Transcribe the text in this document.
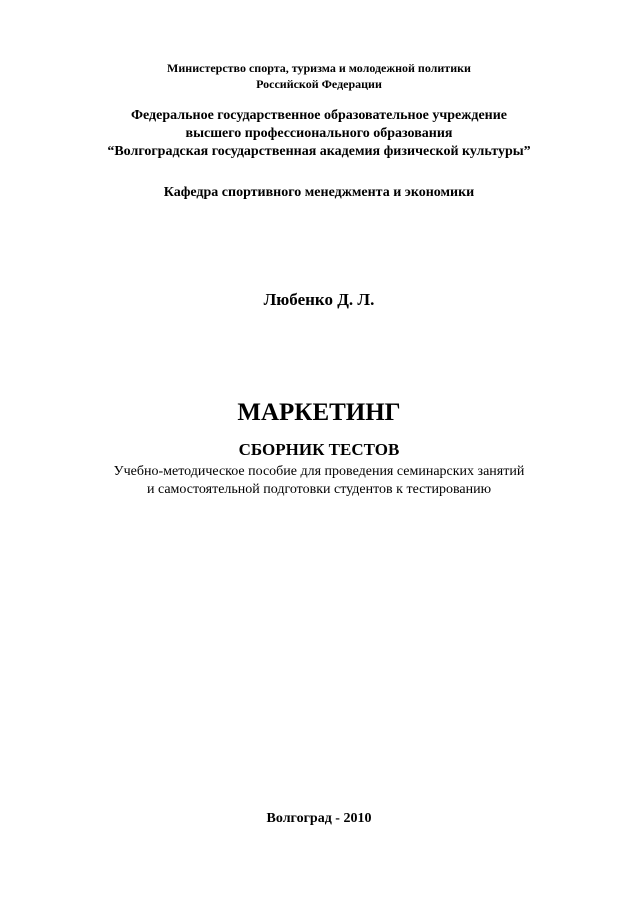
Министерство спорта, туризма и молодежной политики
Российской Федерации
Федеральное государственное образовательное учреждение
высшего профессионального образования
“Волгоградская государственная академия физической культуры”
Кафедра спортивного менеджмента и экономики
Любенко Д. Л.
МАРКЕТИНГ
СБОРНИК ТЕСТОВ
Учебно-методическое пособие для проведения семинарских занятий
и самостоятельной подготовки студентов к тестированию
Волгоград - 2010
